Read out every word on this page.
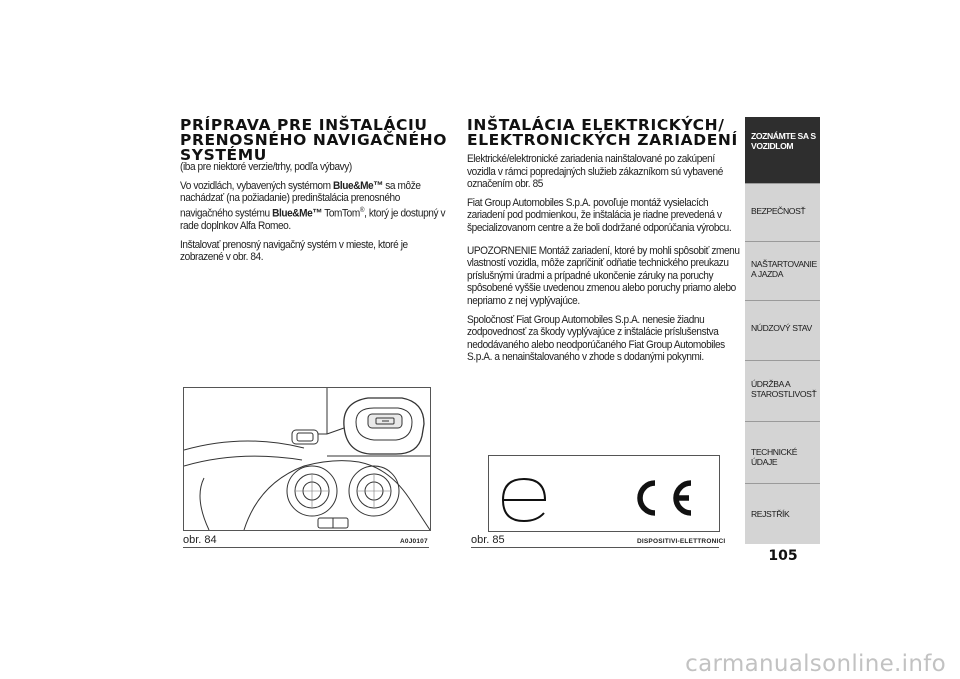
PRÍPRAVA PRE INŠTALÁCIU
PRENOSNÉHO NAVIGAČNÉHO
SYSTÉMU

(iba pre niektoré verzie/trhy, podľa výbavy)

Vo vozidlách, vybavených systémom Blue&Me™ sa môže nachádzať (na požiadanie) predinštalácia prenosného navigačného systému Blue&Me™ TomTom®, ktorý je dostupný v rade doplnkov Alfa Romeo.

Inštalovať prenosný navigačný systém v mieste, ktoré je zobrazené v obr. 84.

obr. 84	A0J0107
INŠTALÁCIA ELEKTRICKÝCH/
ELEKTRONICKÝCH ZARIADENÍ

Elektrické/elektronické zariadenia nainštalované po zakúpení vozidla v rámci popredajných služieb zákazníkom sú vybavené označením obr. 85

Fiat Group Automobiles S.p.A. povoľuje montáž vysielacích zariadení pod podmienkou, že inštalácia je riadne prevedená v špecializovanom centre a že boli dodržané odporúčania výrobcu.

UPOZORNENIE Montáž zariadení, ktoré by mohli spôsobiť zmenu vlastností vozidla, môže zapríčiniť odňatie technického preukazu príslušnými úradmi a prípadné ukončenie záruky na poruchy spôsobené vyššie uvedenou zmenou alebo poruchy priamo alebo nepriamo z nej vyplývajúce.

Spoločnosť Fiat Group Automobiles S.p.A. nenesie žiadnu zodpovednosť za škody vyplývajúce z inštalácie príslušenstva nedodávaného alebo neodporúčaného Fiat Group Automobiles S.p.A. a nenainštalovaného v zhode s dodanými pokynmi.

obr. 85	DISPOSITIVI-ELETTRONICI
ZOZNÁMTE SA S VOZIDLOM
BEZPEČNOSŤ
NAŠTARTOVANIE A JAZDA
NÚDZOVÝ STAV
ÚDRŽBA A STAROSTLIVOSŤ
TECHNICKÉ ÚDAJE
REJSTŘÍK
105
carmanualsonline.info
